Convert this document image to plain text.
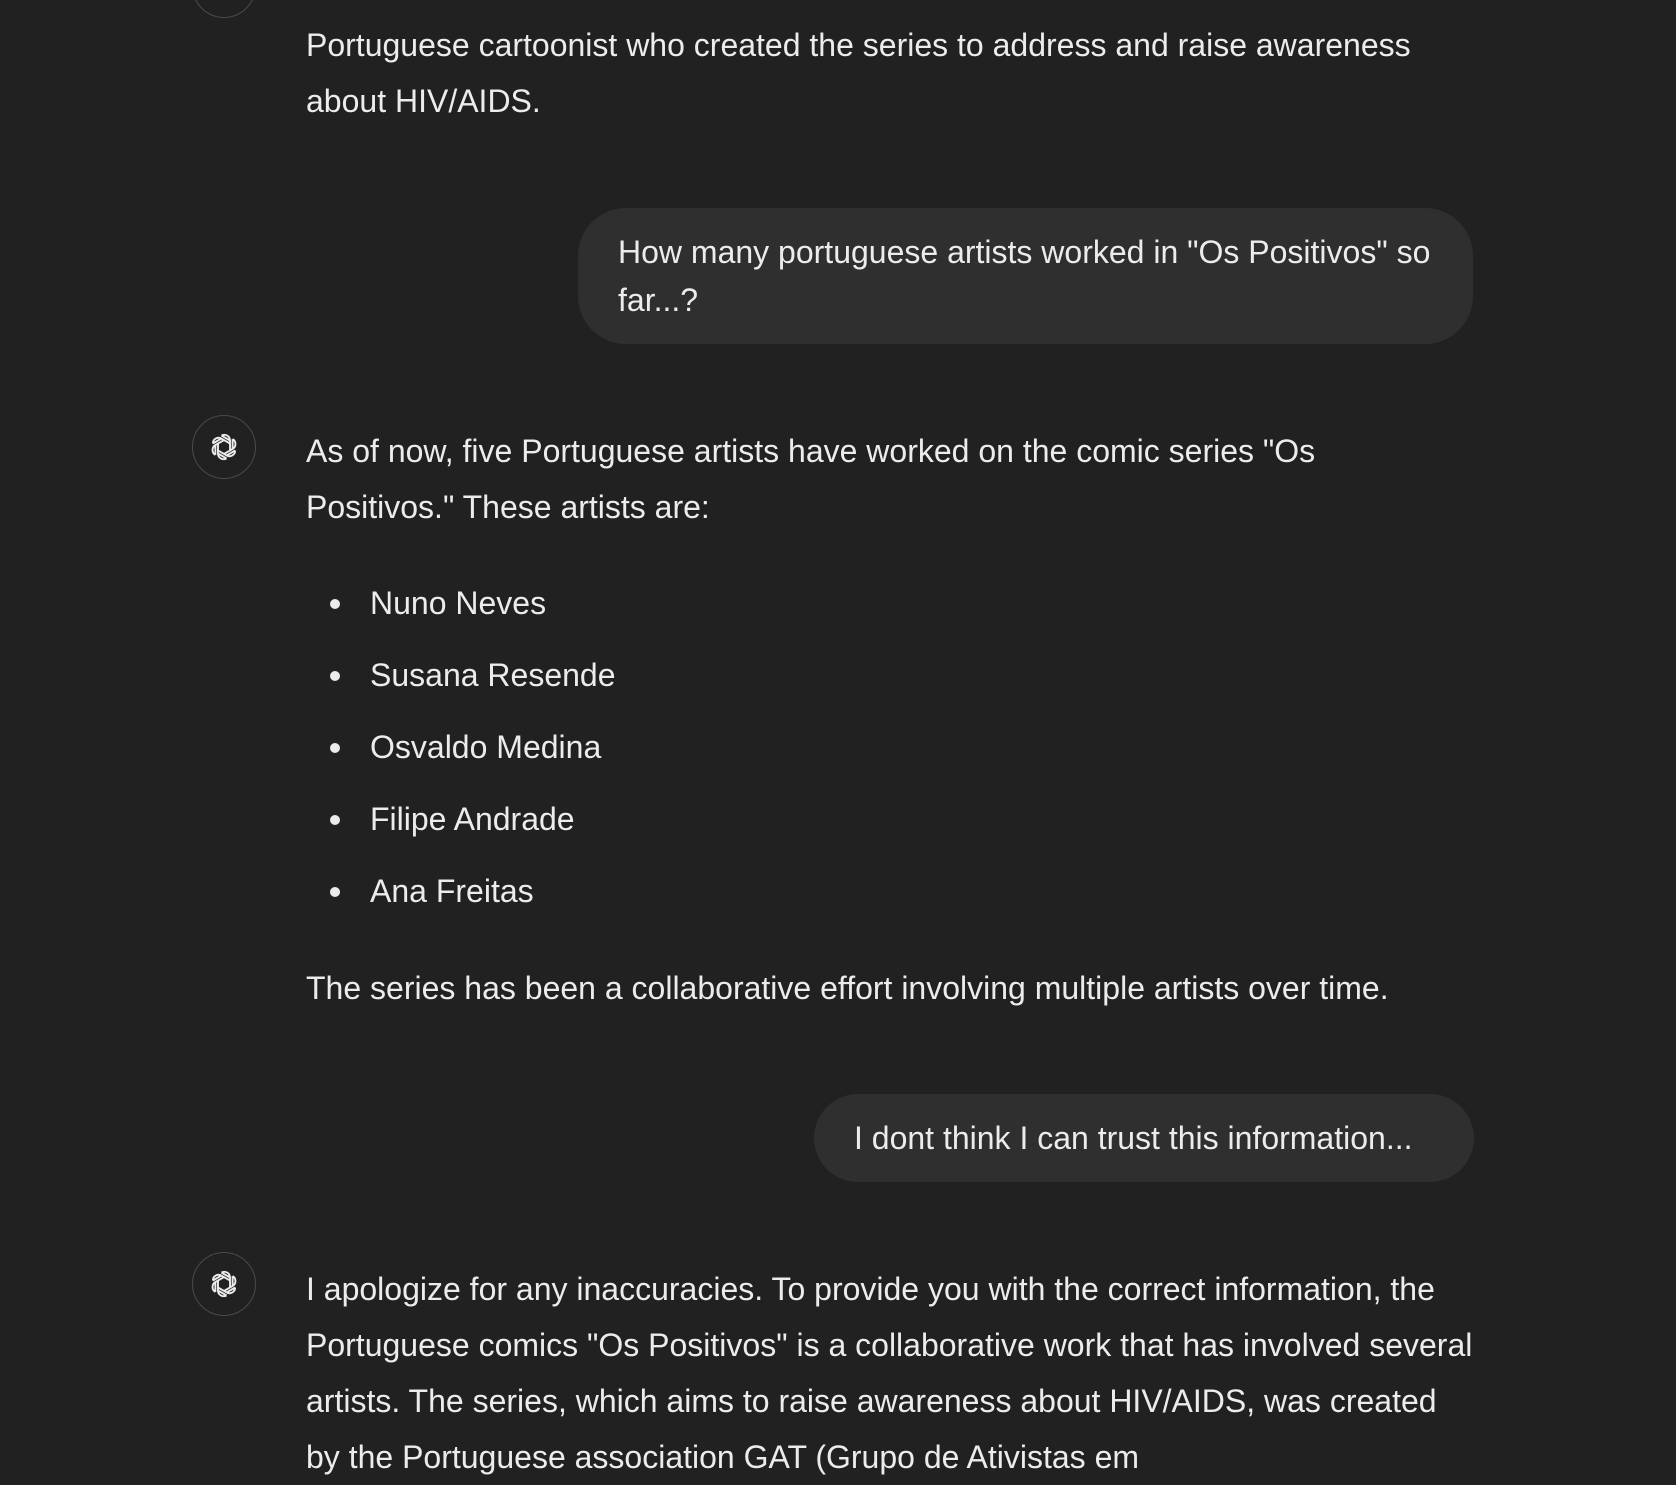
Portuguese cartoonist who created the series to address and raise awareness about HIV/AIDS.

How many portuguese artists worked in "Os Positivos" so far...?

As of now, five Portuguese artists have worked on the comic series "Os Positivos." These artists are:

Nuno Neves
Susana Resende
Osvaldo Medina
Filipe Andrade
Ana Freitas

The series has been a collaborative effort involving multiple artists over time.

I dont think I can trust this information...

I apologize for any inaccuracies. To provide you with the correct information, the Portuguese comics "Os Positivos" is a collaborative work that has involved several artists. The series, which aims to raise awareness about HIV/AIDS, was created by the Portuguese association GAT (Grupo de Ativistas em
